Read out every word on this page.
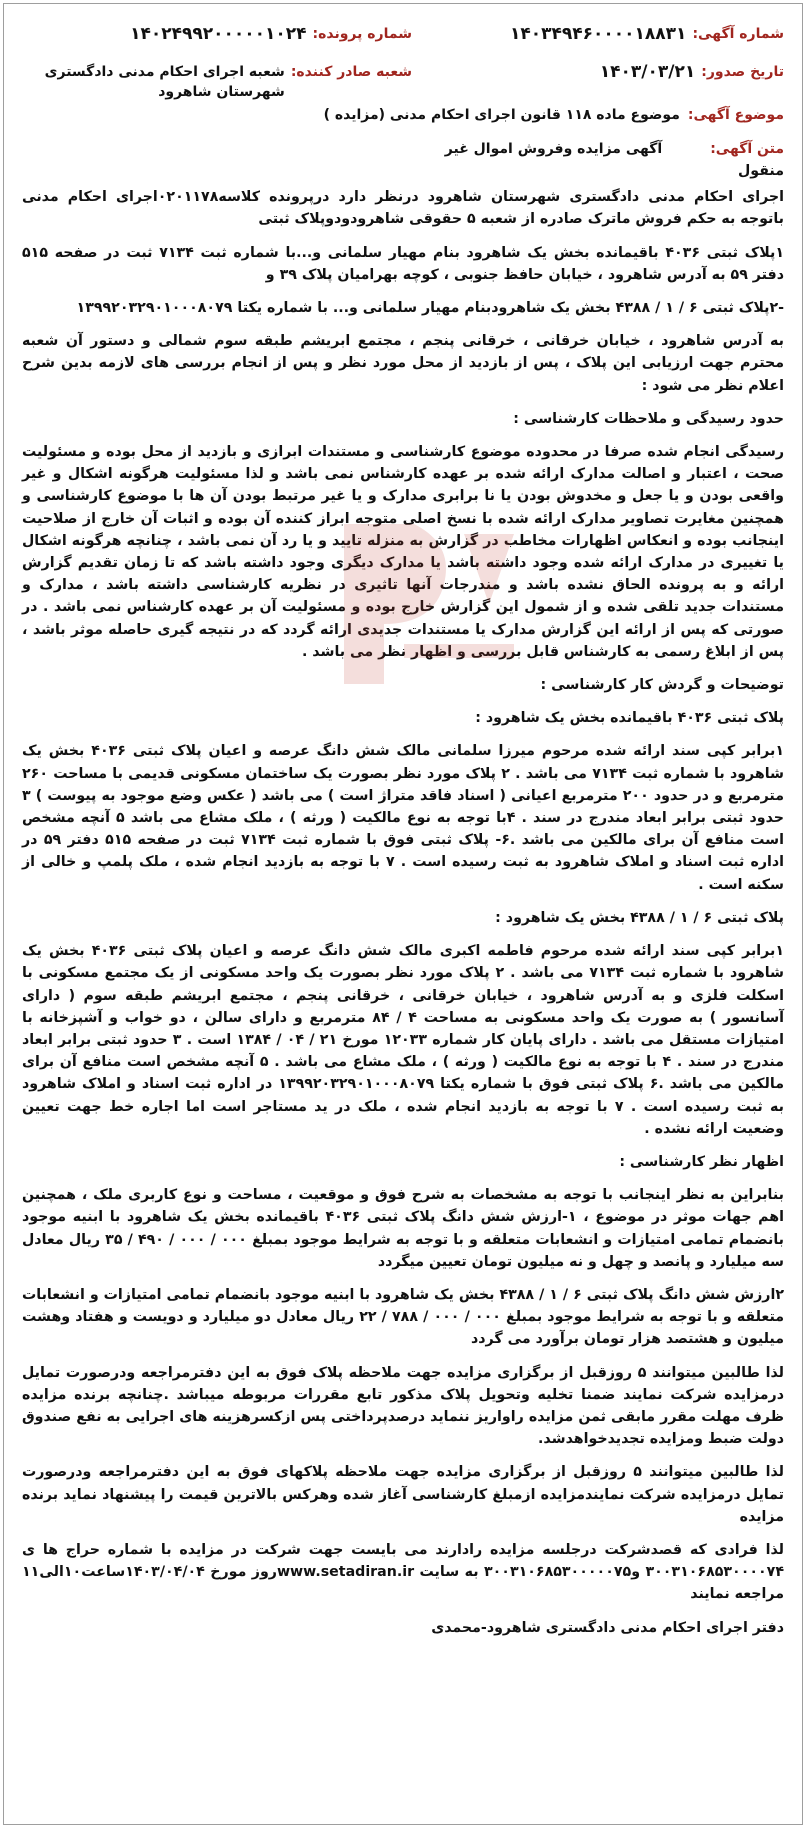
شماره آگهی:
۱۴۰۳۴۹۴۶۰۰۰۰۱۸۸۳۱
شماره پرونده:
۱۴۰۲۴۹۹۲۰۰۰۰۰۱۰۲۴
تاریخ صدور:
۱۴۰۳/۰۳/۲۱
شعبه صادر کننده:
شعبه اجرای احکام مدنی دادگستری شهرستان شاهرود
موضوع آگهی:
موضوع ماده ۱۱۸ قانون اجرای احکام مدنی (مزایده )
متن آگهی:
آگهی مزایده وفروش اموال غیر

منقول

اجرای احکام مدنی دادگستری شهرستان شاهرود درنظر دارد درپرونده کلاسه۰۲۰۱۱۷۸اجرای احکام مدنی باتوجه به حکم فروش ماترک صادره از شعبه ۵ حقوقی شاهرودودوپلاک ثبتی

۱پلاک ثبتی ۴۰۳۶ باقیمانده بخش یک شاهرود بنام مهیار سلمانی و...با شماره ثبت ۷۱۳۴ ثبت در صفحه ۵۱۵ دفتر ۵۹ به آدرس شاهرود ، خیابان حافظ جنوبی ، کوچه بهرامیان پلاک ۳۹ و

-۲پلاک ثبتی ۶ / ۱ / ۴۳۸۸ بخش یک شاهرودبنام مهیار سلمانی و... با شماره یکتا ۱۳۹۹۲۰۳۲۹۰۱۰۰۰۸۰۷۹

به آدرس شاهرود ، خیابان خرقانی ، خرقانی پنجم ، مجتمع ابریشم طبقه سوم شمالی و دستور آن شعبه محترم جهت ارزیابی این پلاک ، پس از بازدید از محل مورد نظر و پس از انجام بررسی های لازمه بدین شرح اعلام نظر می شود :

حدود رسیدگی و ملاحظات کارشناسی :

رسیدگی انجام شده صرفا در محدوده موضوع کارشناسی و مستندات ابرازی و بازدید از محل بوده و مسئولیت صحت ، اعتبار و اصالت مدارک ارائه شده بر عهده کارشناس نمی باشد و لذا مسئولیت هرگونه اشکال و غیر واقعی بودن و یا جعل و مخدوش بودن یا نا برابری مدارک و یا غیر مرتبط بودن آن ها با موضوع کارشناسی و همچنین مغایرت تصاویر مدارک ارائه شده با نسخ اصلی متوجه ابراز کننده آن بوده و اثبات آن خارج از صلاحیت اینجانب بوده و انعکاس اظهارات مخاطب در گزارش به منزله تایید و یا رد آن نمی باشد ، چنانچه هرگونه اشکال یا تغییری در مدارک ارائه شده وجود داشته باشد یا مدارک دیگری وجود داشته باشد که تا زمان تقدیم گزارش ارائه و به پرونده الحاق نشده باشد و مندرجات آنها تاثیری در نظریه کارشناسی داشته باشد ، مدارک و مستندات جدید تلقی شده و از شمول این گزارش خارج بوده و مسئولیت آن بر عهده کارشناس نمی باشد . در صورتی که پس از ارائه این گزارش مدارک یا مستندات جدیدی ارائه گردد که در نتیجه گیری حاصله موثر باشد ، پس از ابلاغ رسمی به کارشناس قابل بررسی و اظهار نظر می باشد .

توضیحات و گردش کار کارشناسی :

پلاک ثبتی ۴۰۳۶ باقیمانده بخش یک شاهرود :

۱برابر کپی سند ارائه شده مرحوم میرزا سلمانی مالک شش دانگ عرصه و اعیان پلاک ثبتی ۴۰۳۶ بخش یک شاهرود با شماره ثبت ۷۱۳۴ می باشد . ۲ پلاک مورد نظر بصورت یک ساختمان مسکونی قدیمی با مساحت ۲۶۰ مترمربع و در حدود ۲۰۰ مترمربع اعیانی ( اسناد فاقد متراژ است ) می باشد ( عکس وضع موجود به پیوست ) ۳ حدود ثبتی برابر ابعاد مندرج در سند . ۴با توجه به نوع مالکیت ( ورثه ) ، ملک مشاع می باشد ۵ آنچه مشخص است منافع آن برای مالکین می باشد .۶- پلاک ثبتی فوق با شماره ثبت ۷۱۳۴ ثبت در صفحه ۵۱۵ دفتر ۵۹ در اداره ثبت اسناد و املاک شاهرود به ثبت رسیده است . ۷ با توجه به بازدید انجام شده ، ملک پلمپ و خالی از سکنه است .

پلاک ثبتی ۶ / ۱ / ۴۳۸۸ بخش یک شاهرود :

۱برابر کپی سند ارائه شده مرحوم فاطمه اکبری مالک شش دانگ عرصه و اعیان پلاک ثبتی ۴۰۳۶ بخش یک شاهرود با شماره ثبت ۷۱۳۴ می باشد . ۲ پلاک مورد نظر بصورت یک واحد مسکونی از یک مجتمع مسکونی با اسکلت فلزی و به آدرس شاهرود ، خیابان خرقانی ، خرقانی پنجم ، مجتمع ابریشم طبقه سوم ( دارای آسانسور ) به صورت یک واحد مسکونی به مساحت ۴ / ۸۴ مترمربع و دارای سالن ، دو خواب و آشپزخانه با امتیازات مستقل می باشد . دارای پایان کار شماره ۱۲۰۳۳ مورخ ۲۱ / ۰۴ / ۱۳۸۴ است . ۳ حدود ثبتی برابر ابعاد مندرج در سند . ۴ با توجه به نوع مالکیت ( ورثه ) ، ملک مشاع می باشد . ۵ آنچه مشخص است منافع آن برای مالکین می باشد .۶ پلاک ثبتی فوق با شماره یکتا ۱۳۹۹۲۰۳۲۹۰۱۰۰۰۸۰۷۹ در اداره ثبت اسناد و املاک شاهرود به ثبت رسیده است . ۷ با توجه به بازدید انجام شده ، ملک در ید مستاجر است اما اجاره خط جهت تعیین وضعیت ارائه نشده .

اظهار نظر کارشناسی :

بنابراین به نظر اینجانب با توجه به مشخصات به شرح فوق و موقعیت ، مساحت و نوع کاربری ملک ، همچنین اهم جهات موثر در موضوع ، ۱-ارزش شش دانگ پلاک ثبتی ۴۰۳۶ باقیمانده بخش یک شاهرود با ابنیه موجود بانضمام تمامی امتیازات و انشعابات متعلقه و با توجه به شرایط موجود بمبلغ ۰۰۰ / ۰۰۰ / ۴۹۰ / ۳۵ ریال معادل سه میلیارد و پانصد و چهل و نه میلیون تومان تعیین میگردد

۲ارزش شش دانگ پلاک ثبتی ۶ / ۱ / ۴۳۸۸ بخش یک شاهرود با ابنیه موجود بانضمام تمامی امتیازات و انشعابات متعلقه و با توجه به شرایط موجود بمبلغ ۰۰۰ / ۰۰۰ / ۷۸۸ / ۲۲ ریال معادل دو میلیارد و دویست و هفتاد وهشت میلیون و هشتصد هزار تومان برآورد می گردد

لذا طالبین میتوانند ۵ روزقبل از برگزاری مزایده جهت ملاحظه پلاک فوق به این دفترمراجعه ودرصورت تمایل درمزایده شرکت نمایند ضمنا تخلیه وتحویل پلاک مذکور تابع مقررات مربوطه میباشد .چنانچه برنده مزایده ظرف مهلت مقرر مابقی ثمن مزایده راواریز ننماید درصدپرداختی پس ازکسرهزینه های اجرایی به نفع صندوق دولت ضبط ومزایده تجدیدخواهدشد.

لذا طالبین میتوانند ۵ روزقبل از برگزاری مزایده جهت ملاحظه پلاکهای فوق به این دفترمراجعه ودرصورت تمایل درمزایده شرکت نمایندمزایده ازمبلغ کارشناسی آغاز شده وهرکس بالاترین قیمت را پیشنهاد نماید برنده مزایده

لذا فرادی که قصدشرکت درجلسه مزایده رادارند می بایست جهت شرکت در مزایده با شماره حراج ها ی ۳۰۰۳۱۰۶۸۵۳۰۰۰۰۷۴ و۳۰۰۳۱۰۶۸۵۳۰۰۰۰۰۷۵ به سایت www.setadiran.irروز مورخ ۱۴۰۳/۰۴/۰۴ساعت۱۰الی۱۱ مراجعه نمایند

دفتر اجرای احکام مدنی دادگستری شاهرود-محمدی
